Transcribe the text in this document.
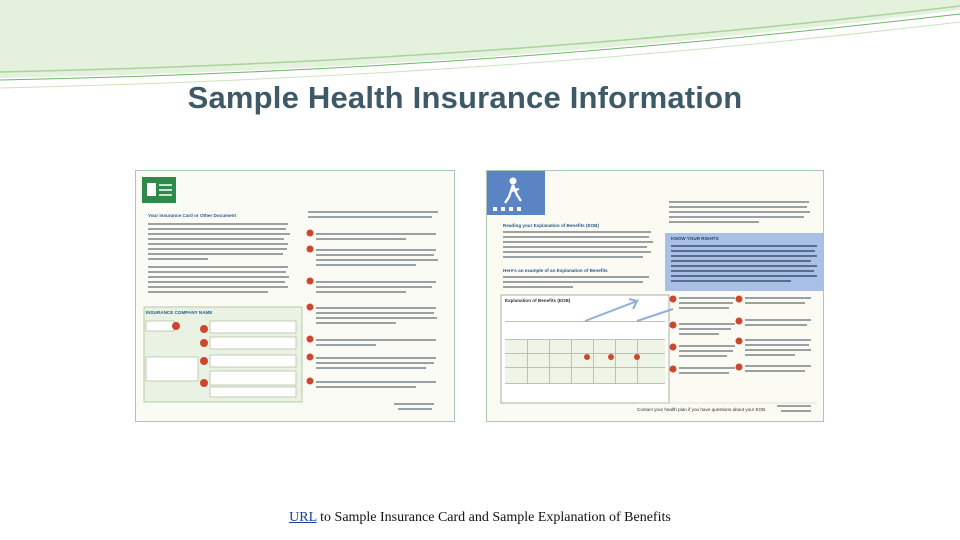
Sample Health Insurance Information
Your Insurance Card or Other Document
INSURANCE COMPANY NAME
Reading your Explanation of Benefits (EOB)
Here's an example of an Explanation of Benefits
Explanation of Benefits (EOB)
KNOW YOUR RIGHTS
Contact your health plan if you have questions about your EOB.
URL to Sample Insurance Card and Sample Explanation of Benefits
